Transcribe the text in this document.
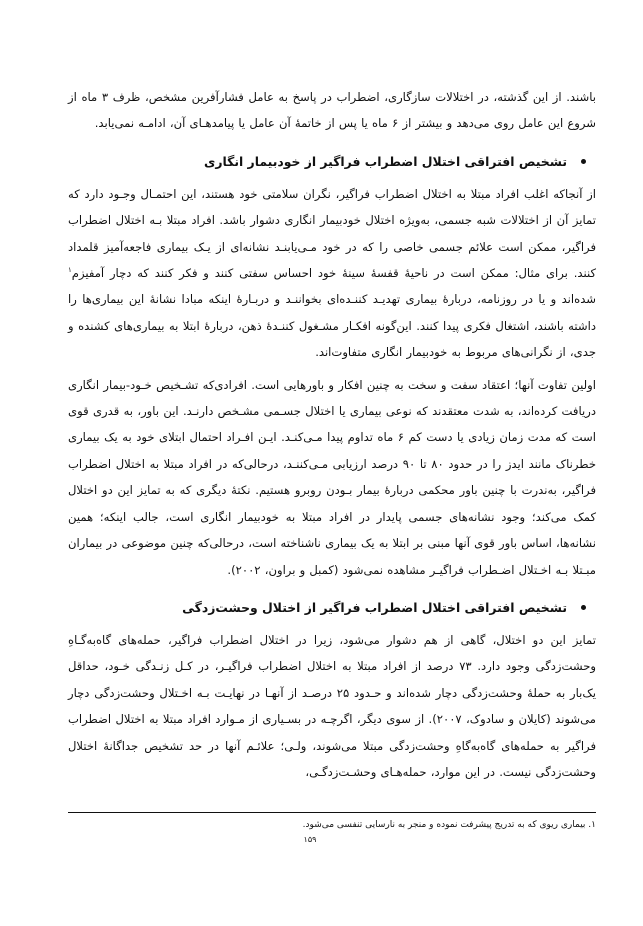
باشند. از این گذشته، در اختلالات سازگاری، اضطراب در پاسخ به عامل فشارآفرین مشخص، ظرف ۳ ماه از شروع این عامل روی می‌دهد و بیشتر از ۶ ماه یا پس از خاتمهٔ آن عامل یا پیامدهـای آن، ادامـه نمی‌یابد.

تشخیص افتراقی اختلال اضطراب فراگیر از خودبیمار انگاری

از آنجاکه اغلب افراد مبتلا به اختلال اضطراب فراگیر، نگران سلامتی خود هستند، این احتمـال وجـود دارد که تمایز آن از اختلالات شبه جسمی، به‌ویژه اختلال خودبیمار انگاری دشوار باشد. افراد مبتلا بـه اختلال اضطراب فراگیر، ممکن است علائم جسمی خاصی را که در خود مـی‌یابنـد نشانه‌ای از یـک بیماری فاجعه‌آمیز قلمداد کنند. برای مثال: ممکن است در ناحیهٔ قفسهٔ سینهٔ خود احساس سفتی کنند و فکر کنند که دچار آمفیزم$^۱$ شده‌اند و یا در روزنامه، دربارهٔ بیماری تهدیـد کننـده‌ای بخواننـد و دربـارهٔ اینکه مبادا نشانهٔ این بیماری‌ها را داشته باشند، اشتغال فکری پیدا کنند. این‌گونه افکـار مشـغول کننـدهٔ ذهن، دربارهٔ ابتلا به بیماری‌های کشنده و جدی، از نگرانی‌های مربوط به خودبیمار انگاری متفاوت‌اند.

اولین تفاوت آنها؛ اعتقاد سفت و سخت به چنین افکار و باورهایی است. افرادی‌که تشـخیص خـود-بیمار انگاری دریافت کرده‌اند، به شدت معتقدند که نوعی بیماری یا اختلال جسـمی مشـخص دارنـد. این باور، به قدری قوی است که مدت زمان زیادی یا دست کم ۶ ماه تداوم پیدا مـی‌کنـد. ایـن افـراد احتمال ابتلای خود به یک بیماری خطرناک مانند ایدز را در حدود ۸۰ تا ۹۰ درصد ارزیابی مـی‌کننـد، درحالی‌که در افراد مبتلا به اختلال اضطراب فراگیر، به‌ندرت با چنین باور محکمی دربارهٔ بیمار بـودن روبرو هستیم. نکتهٔ دیگری که به تمایز این دو اختلال کمک می‌کند؛ وجود نشانه‌های جسمی پایدار در افراد مبتلا به خودبیمار انگاری است، جالب اینکه؛ همین نشانه‌ها، اساس باور قوی آنها مبنی بر ابتلا به یک بیماری ناشناخته است، درحالی‌که چنین موضوعی در بیماران مبـتلا بـه اخـتلال اضـطراب فراگیـر مشاهده نمی‌شود (کمبل و براون، ۲۰۰۲).

تشخیص افتراقی اختلال اضطراب فراگیر از اختلال وحشت‌زدگی

تمایز این دو اختلال، گاهی از هم دشوار می‌شود، زیرا در اختلال اضطراب فراگیر، حمله‌های گاه‌به‌گـاهِ وحشت‌زدگی وجود دارد. ۷۳ درصد از افراد مبتلا به اختلال اضطراب فراگیـر، در کـل زنـدگی خـود، حداقل یک‌بار به حملهٔ وحشت‌زدگی دچار شده‌اند و حـدود ۲۵ درصـد از آنهـا در نهایـت بـه اخـتلال وحشت‌زدگی دچار می‌شوند (کایلان و سادوک، ۲۰۰۷). از سوی دیگر، اگرچـه در بسـیاری از مـوارد افراد مبتلا به اختلال اضطراب فراگیر به حمله‌های گاه‌به‌گاهِ وحشت‌زدگی مبتلا می‌شوند، ولـی؛ علائـم آنها در حد تشخیص جداگانهٔ اختلال وحشت‌زدگی نیست. در این موارد، حمله‌هـای وحشـت‌زدگـی،

۱. بیماری ریوی که به تدریج پیشرفت نموده و منجر به نارسایی تنفسی می‌شود.

۱۵۹
